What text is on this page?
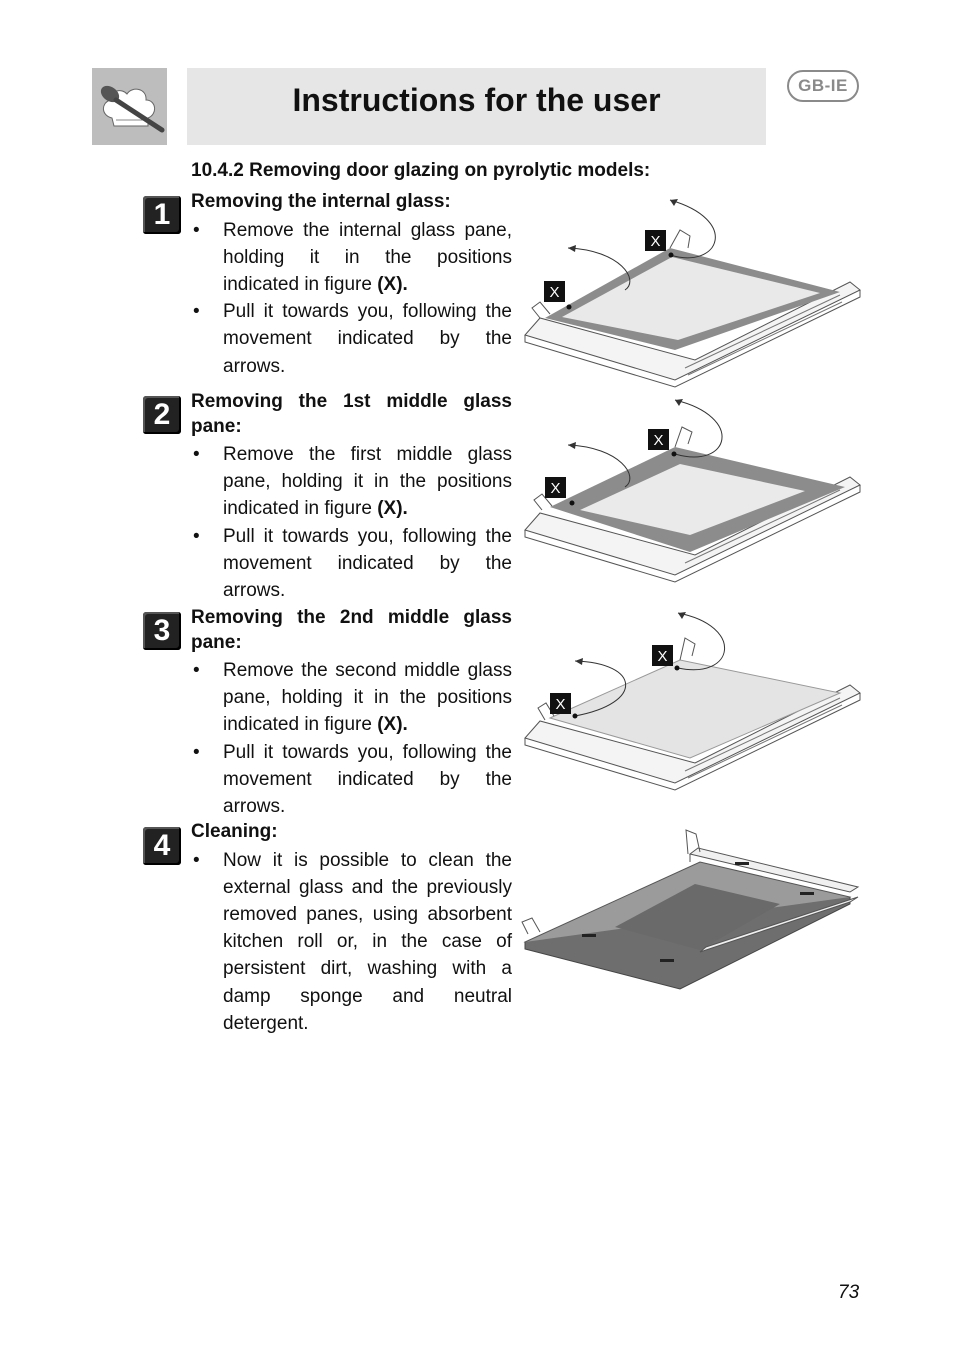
Instructions for the user	GB-IE
10.4.2 Removing door glazing on pyrolytic models:
1	Removing the internal glass:
• Remove the internal glass pane, holding it in the positions indicated in figure (X).
• Pull it towards you, following the movement indicated by the arrows.
2	Removing the 1st middle glass pane:
• Remove the first middle glass pane, holding it in the positions indicated in figure (X).
• Pull it towards you, following the movement indicated by the arrows.
3	Removing the 2nd middle glass pane:
• Remove the second middle glass pane, holding it in the positions indicated in figure (X).
• Pull it towards you, following the movement indicated by the arrows.
4	Cleaning:
• Now it is possible to clean the external glass and the previously removed panes, using absorbent kitchen roll or, in the case of persistent dirt, washing with a damp sponge and neutral detergent.
X
X
X
X
X
X
73
